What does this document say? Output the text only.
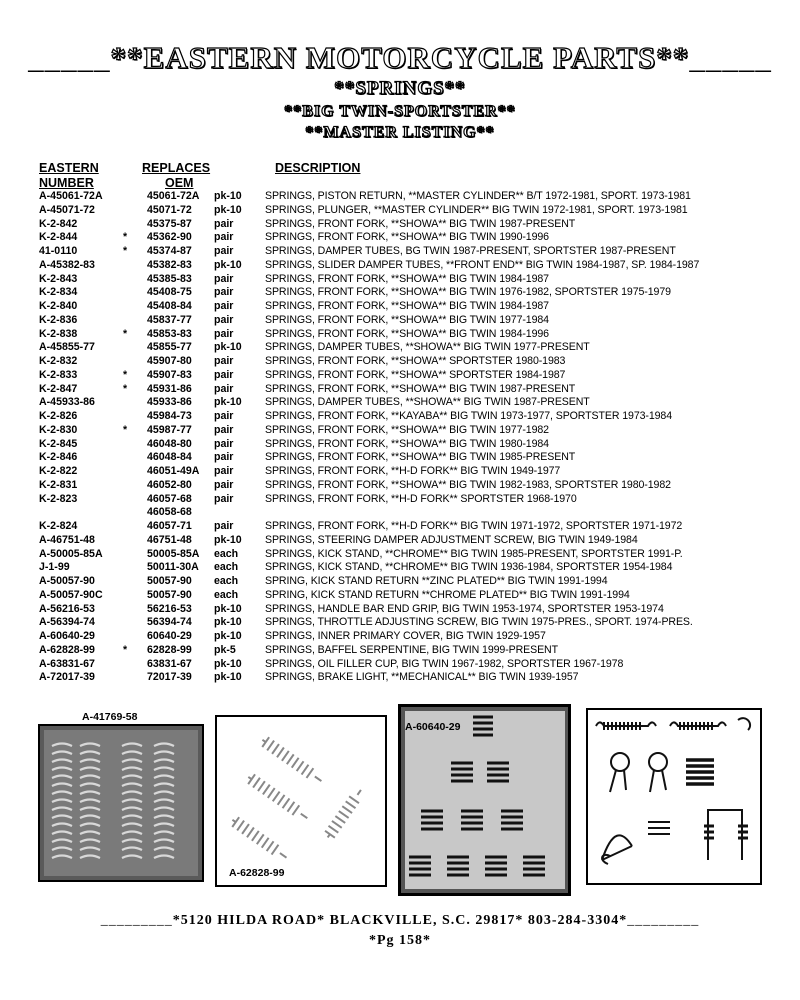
_____**EASTERN MOTORCYCLE PARTS**_____
**SPRINGS**
**BIG TWIN-SPORTSTER**
**MASTER LISTING**
EASTERN	REPLACES	DESCRIPTION
NUMBER	OEM
A-45061-72A	45061-72A pk-10 SPRINGS, PISTON RETURN, **MASTER CYLINDER** B/T 1972-1981, SPORT. 1973-1981
A-45071-72	45071-72 pk-10 SPRINGS, PLUNGER, **MASTER CYLINDER** BIG TWIN 1972-1981, SPORT. 1973-1981
K-2-842	45375-87 pair	SPRINGS, FRONT FORK, **SHOWA** BIG TWIN 1987-PRESENT
K-2-844	* 45362-90 pair	SPRINGS, FRONT FORK, **SHOWA** BIG TWIN 1990-1996
41-0110	* 45374-87 pair	SPRINGS, DAMPER TUBES, BG TWIN 1987-PRESENT, SPORTSTER 1987-PRESENT
A-45382-83	45382-83 pk-10 SPRINGS, SLIDER DAMPER TUBES, **FRONT END** BIG TWIN 1984-1987, SP. 1984-1987
K-2-843	45385-83 pair	SPRINGS, FRONT FORK, **SHOWA** BIG TWIN 1984-1987
K-2-834	45408-75 pair	SPRINGS, FRONT FORK, **SHOWA** BIG TWIN 1976-1982, SPORTSTER 1975-1979
K-2-840	45408-84 pair	SPRINGS, FRONT FORK, **SHOWA** BIG TWIN 1984-1987
K-2-836	45837-77 pair	SPRINGS, FRONT FORK, **SHOWA** BIG TWIN 1977-1984
K-2-838	* 45853-83 pair	SPRINGS, FRONT FORK, **SHOWA** BIG TWIN 1984-1996
A-45855-77	45855-77 pk-10 SPRINGS, DAMPER TUBES, **SHOWA** BIG TWIN 1977-PRESENT
K-2-832	45907-80 pair	SPRINGS, FRONT FORK, **SHOWA** SPORTSTER 1980-1983
K-2-833	* 45907-83 pair	SPRINGS, FRONT FORK, **SHOWA** SPORTSTER 1984-1987
K-2-847	* 45931-86 pair	SPRINGS, FRONT FORK, **SHOWA** BIG TWIN 1987-PRESENT
A-45933-86	45933-86 pk-10 SPRINGS, DAMPER TUBES, **SHOWA** BIG TWIN 1987-PRESENT
K-2-826	45984-73 pair	SPRINGS, FRONT FORK, **KAYABA** BIG TWIN 1973-1977, SPORTSTER 1973-1984
K-2-830	* 45987-77 pair	SPRINGS, FRONT FORK, **SHOWA** BIG TWIN 1977-1982
K-2-845	46048-80 pair	SPRINGS, FRONT FORK, **SHOWA** BIG TWIN 1980-1984
K-2-846	46048-84 pair	SPRINGS, FRONT FORK, **SHOWA** BIG TWIN 1985-PRESENT
K-2-822	46051-49A pair	SPRINGS, FRONT FORK, **H-D FORK** BIG TWIN 1949-1977
K-2-831	46052-80 pair	SPRINGS, FRONT FORK, **SHOWA** BIG TWIN 1982-1983, SPORTSTER 1980-1982
K-2-823	46057-68 pair	SPRINGS, FRONT FORK, **H-D FORK** SPORTSTER 1968-1970
46058-68
K-2-824	46057-71 pair	SPRINGS, FRONT FORK, **H-D FORK** BIG TWIN 1971-1972, SPORTSTER 1971-1972
A-46751-48	46751-48 pk-10 SPRINGS, STEERING DAMPER ADJUSTMENT SCREW, BIG TWIN 1949-1984
A-50005-85A	50005-85A each	SPRINGS, KICK STAND, **CHROME** BIG TWIN 1985-PRESENT, SPORTSTER 1991-P.
J-1-99	50011-30A each	SPRINGS, KICK STAND, **CHROME** BIG TWIN 1936-1984, SPORTSTER 1954-1984
A-50057-90	50057-90 each	SPRING, KICK STAND RETURN **ZINC PLATED** BIG TWIN 1991-1994
A-50057-90C	50057-90 each	SPRING, KICK STAND RETURN **CHROME PLATED** BIG TWIN 1991-1994
A-56216-53	56216-53 pk-10 SPRINGS, HANDLE BAR END GRIP, BIG TWIN 1953-1974, SPORTSTER 1953-1974
A-56394-74	56394-74 pk-10 SPRINGS, THROTTLE ADJUSTING SCREW, BIG TWIN 1975-PRES., SPORT. 1974-PRES.
A-60640-29	60640-29 pk-10 SPRINGS, INNER PRIMARY COVER, BIG TWIN 1929-1957
A-62828-99	* 62828-99 pk-5	SPRINGS, BAFFEL SERPENTINE, BIG TWIN 1999-PRESENT
A-63831-67	63831-67 pk-10 SPRINGS, OIL FILLER CUP, BIG TWIN 1967-1982, SPORTSTER 1967-1978
A-72017-39	72017-39 pk-10 SPRINGS, BRAKE LIGHT, **MECHANICAL** BIG TWIN 1939-1957
A-41769-58
A-62828-99
A-60640-29
_________*5120 HILDA ROAD* BLACKVILLE, S.C. 29817* 803-284-3304*_________
*Pg 158*
